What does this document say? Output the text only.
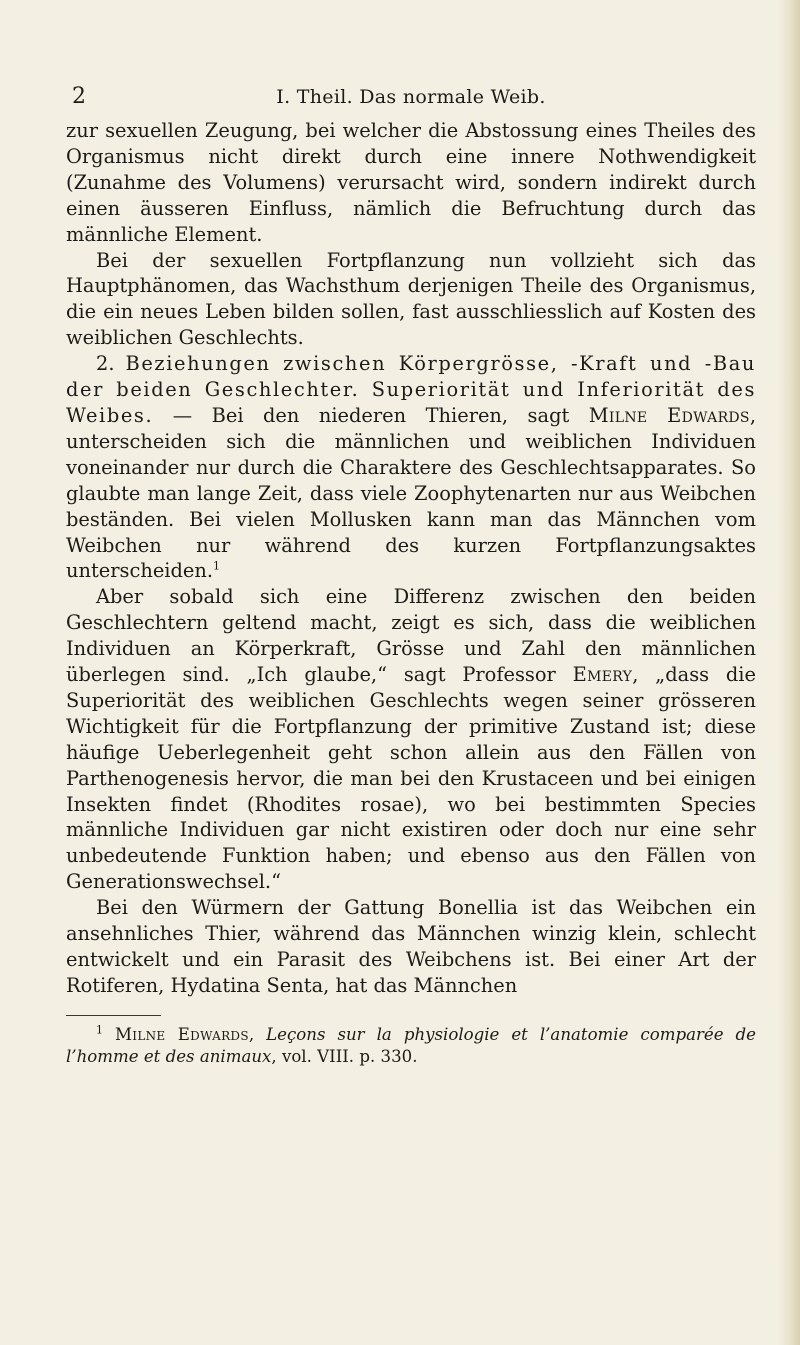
2	I. Theil. Das normale Weib.

zur sexuellen Zeugung, bei welcher die Abstossung eines Theiles des Organismus nicht direkt durch eine innere Nothwendigkeit (Zunahme des Volumens) verursacht wird, sondern indirekt durch einen äusseren Einfluss, nämlich die Befruchtung durch das männliche Element.

Bei der sexuellen Fortpflanzung nun vollzieht sich das Hauptphänomen, das Wachsthum derjenigen Theile des Organismus, die ein neues Leben bilden sollen, fast ausschliesslich auf Kosten des weiblichen Geschlechts.

2. Beziehungen zwischen Körpergrösse, -Kraft und -Bau der beiden Geschlechter. Superiorität und Inferiorität des Weibes. — Bei den niederen Thieren, sagt Milne Edwards, unterscheiden sich die männlichen und weiblichen Individuen voneinander nur durch die Charaktere des Geschlechtsapparates. So glaubte man lange Zeit, dass viele Zoophytenarten nur aus Weibchen beständen. Bei vielen Mollusken kann man das Männchen vom Weibchen nur während des kurzen Fortpflanzungsaktes unterscheiden.$^1$

Aber sobald sich eine Differenz zwischen den beiden Geschlechtern geltend macht, zeigt es sich, dass die weiblichen Individuen an Körperkraft, Grösse und Zahl den männlichen überlegen sind. „Ich glaube,“ sagt Professor Emery, „dass die Superiorität des weiblichen Geschlechts wegen seiner grösseren Wichtigkeit für die Fortpflanzung der primitive Zustand ist; diese häufige Ueberlegenheit geht schon allein aus den Fällen von Parthenogenesis hervor, die man bei den Krustaceen und bei einigen Insekten findet (Rhodites rosae), wo bei bestimmten Species männliche Individuen gar nicht existiren oder doch nur eine sehr unbedeutende Funktion haben; und ebenso aus den Fällen von Generationswechsel.“

Bei den Würmern der Gattung Bonellia ist das Weibchen ein ansehnliches Thier, während das Männchen winzig klein, schlecht entwickelt und ein Parasit des Weibchens ist. Bei einer Art der Rotiferen, Hydatina Senta, hat das Männchen

$^1$ Milne Edwards, Leçons sur la physiologie et l’anatomie comparée de l’homme et des animaux, vol. VIII. p. 330.
